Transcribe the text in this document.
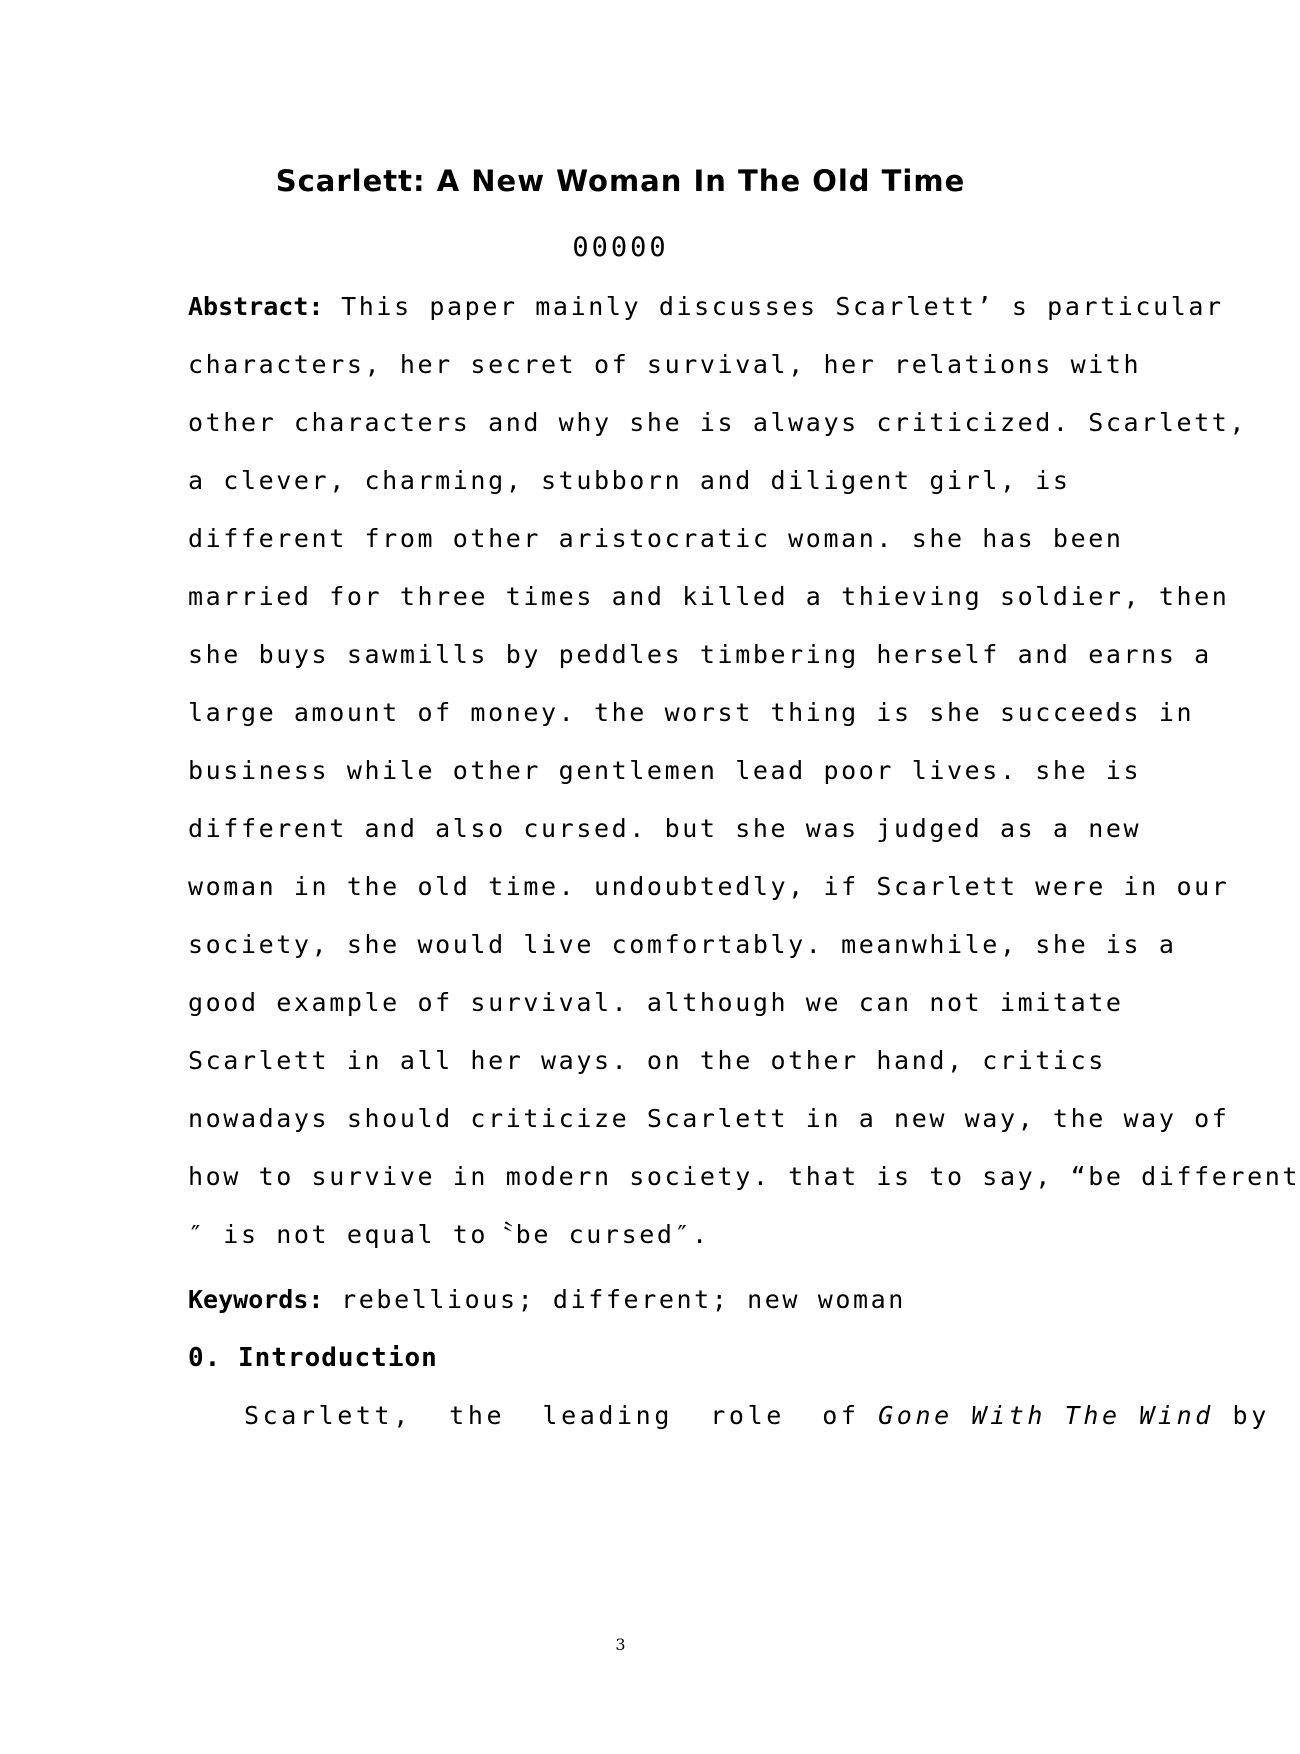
Scarlett: A New Woman In The Old Time
00000
Abstract: This paper mainly discusses Scarlett’ s particular
characters, her secret of survival, her relations with
other characters and why she is always criticized. Scarlett,
a clever, charming, stubborn and diligent girl, is
different from other aristocratic woman. she has been
married for three times and killed a thieving soldier, then
she buys sawmills by peddles timbering herself and earns a
large amount of money. the worst thing is she succeeds in
business while other gentlemen lead poor lives. she is
different and also cursed. but she was judged as a new
woman in the old time. undoubtedly, if Scarlett were in our
society, she would live comfortably. meanwhile, she is a
good example of survival. although we can not imitate
Scarlett in all her ways. on the other hand, critics
nowadays should criticize Scarlett in a new way, the way of
how to survive in modern society. that is to say, “be different
″ is not equal to〝be cursed″.
Keywords: rebellious; different; new woman
0. Introduction
Scarlett,  the  leading  role  of Gone With The Wind by
3
